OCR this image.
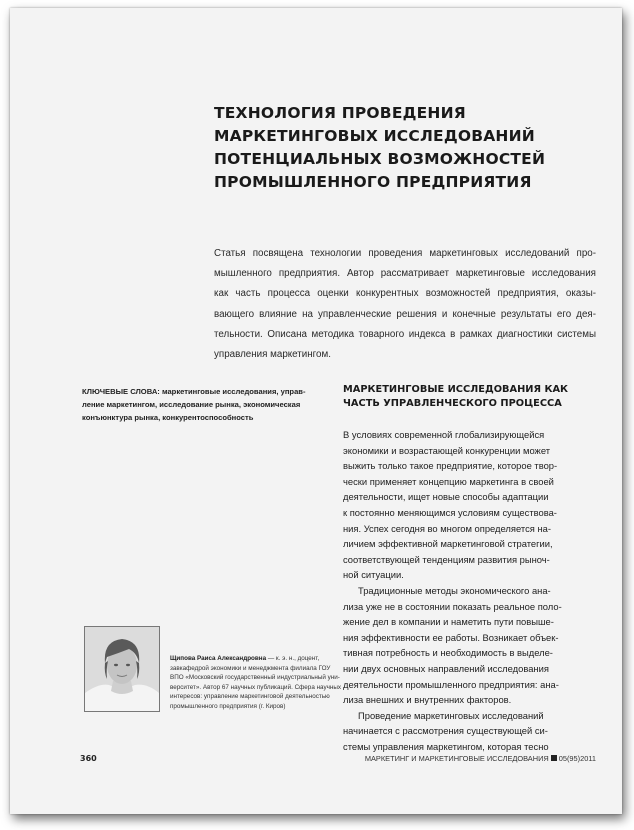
ТЕХНОЛОГИЯ ПРОВЕДЕНИЯ
МАРКЕТИНГОВЫХ ИССЛЕДОВАНИЙ
ПОТЕНЦИАЛЬНЫХ ВОЗМОЖНОСТЕЙ
ПРОМЫШЛЕННОГО ПРЕДПРИЯТИЯ
Статья посвящена технологии проведения маркетинговых исследований про-
мышленного предприятия. Автор рассматривает маркетинговые исследования
как часть процесса оценки конкурентных возможностей предприятия, оказы-
вающего влияние на управленческие решения и конечные результаты его дея-
тельности. Описана методика товарного индекса в рамках диагностики системы
управления маркетингом.
КЛЮЧЕВЫЕ СЛОВА: маркетинговые исследования, управ-
ление маркетингом, исследование рынка, экономическая
конъюнктура рынка, конкурентоспособность
МАРКЕТИНГОВЫЕ ИССЛЕДОВАНИЯ КАК
ЧАСТЬ УПРАВЛЕНЧЕСКОГО ПРОЦЕССА
В условиях современной глобализирующейся
экономики и возрастающей конкуренции может
выжить только такое предприятие, которое твор-
чески применяет концепцию маркетинга в своей
деятельности, ищет новые способы адаптации
к постоянно меняющимся условиям существова-
ния. Успех сегодня во многом определяется на-
личием эффективной маркетинговой стратегии,
соответствующей тенденциям развития рыноч-
ной ситуации.
Традиционные методы экономического ана-
лиза уже не в состоянии показать реальное поло-
жение дел в компании и наметить пути повыше-
ния эффективности ее работы. Возникает объек-
тивная потребность и необходимость в выделе-
нии двух основных направлений исследования
деятельности промышленного предприятия: ана-
лиза внешних и внутренних факторов.
Проведение маркетинговых исследований
начинается с рассмотрения существующей си-
стемы управления маркетингом, которая тесно
Щипова Раиса Александровна — к. э. н., доцент,
завкафедрой экономики и менеджмента филиала ГОУ
ВПО «Московский государственный индустриальный уни-
верситет». Автор 67 научных публикаций. Сфера научных
интересов: управление маркетинговой деятельностью
промышленного предприятия (г. Киров)
360	МАРКЕТИНГ И МАРКЕТИНГОВЫЕ ИССЛЕДОВАНИЯ 05(95)2011
